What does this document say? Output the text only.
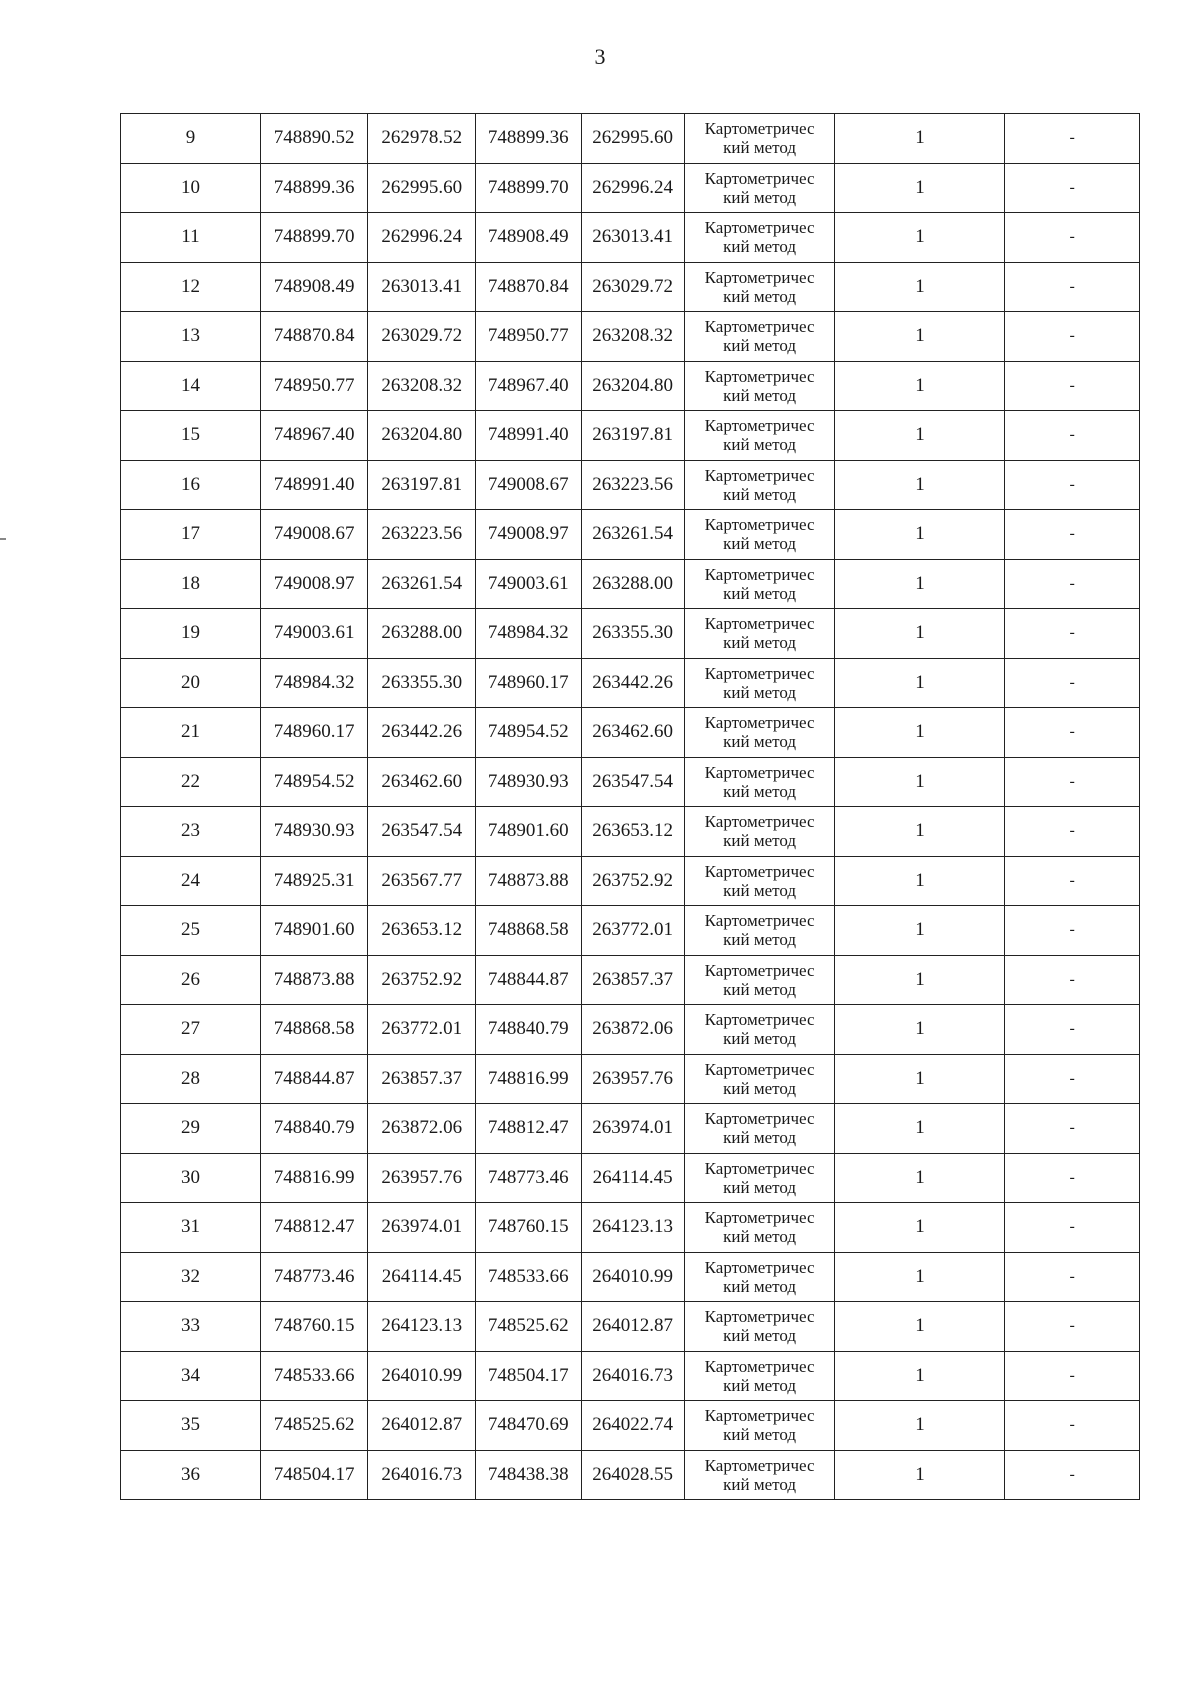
3
9	748890.52	262978.52	748899.36	262995.60	Картометричес
кий метод	1	-
10	748899.36	262995.60	748899.70	262996.24	Картометричес
кий метод	1	-
11	748899.70	262996.24	748908.49	263013.41	Картометричес
кий метод	1	-
12	748908.49	263013.41	748870.84	263029.72	Картометричес
кий метод	1	-
13	748870.84	263029.72	748950.77	263208.32	Картометричес
кий метод	1	-
14	748950.77	263208.32	748967.40	263204.80	Картометричес
кий метод	1	-
15	748967.40	263204.80	748991.40	263197.81	Картометричес
кий метод	1	-
16	748991.40	263197.81	749008.67	263223.56	Картометричес
кий метод	1	-
17	749008.67	263223.56	749008.97	263261.54	Картометричес
кий метод	1	-
18	749008.97	263261.54	749003.61	263288.00	Картометричес
кий метод	1	-
19	749003.61	263288.00	748984.32	263355.30	Картометричес
кий метод	1	-
20	748984.32	263355.30	748960.17	263442.26	Картометричес
кий метод	1	-
21	748960.17	263442.26	748954.52	263462.60	Картометричес
кий метод	1	-
22	748954.52	263462.60	748930.93	263547.54	Картометричес
кий метод	1	-
23	748930.93	263547.54	748901.60	263653.12	Картометричес
кий метод	1	-
24	748925.31	263567.77	748873.88	263752.92	Картометричес
кий метод	1	-
25	748901.60	263653.12	748868.58	263772.01	Картометричес
кий метод	1	-
26	748873.88	263752.92	748844.87	263857.37	Картометричес
кий метод	1	-
27	748868.58	263772.01	748840.79	263872.06	Картометричес
кий метод	1	-
28	748844.87	263857.37	748816.99	263957.76	Картометричес
кий метод	1	-
29	748840.79	263872.06	748812.47	263974.01	Картометричес
кий метод	1	-
30	748816.99	263957.76	748773.46	264114.45	Картометричес
кий метод	1	-
31	748812.47	263974.01	748760.15	264123.13	Картометричес
кий метод	1	-
32	748773.46	264114.45	748533.66	264010.99	Картометричес
кий метод	1	-
33	748760.15	264123.13	748525.62	264012.87	Картометричес
кий метод	1	-
34	748533.66	264010.99	748504.17	264016.73	Картометричес
кий метод	1	-
35	748525.62	264012.87	748470.69	264022.74	Картометричес
кий метод	1	-
36	748504.17	264016.73	748438.38	264028.55	Картометричес
кий метод	1	-
